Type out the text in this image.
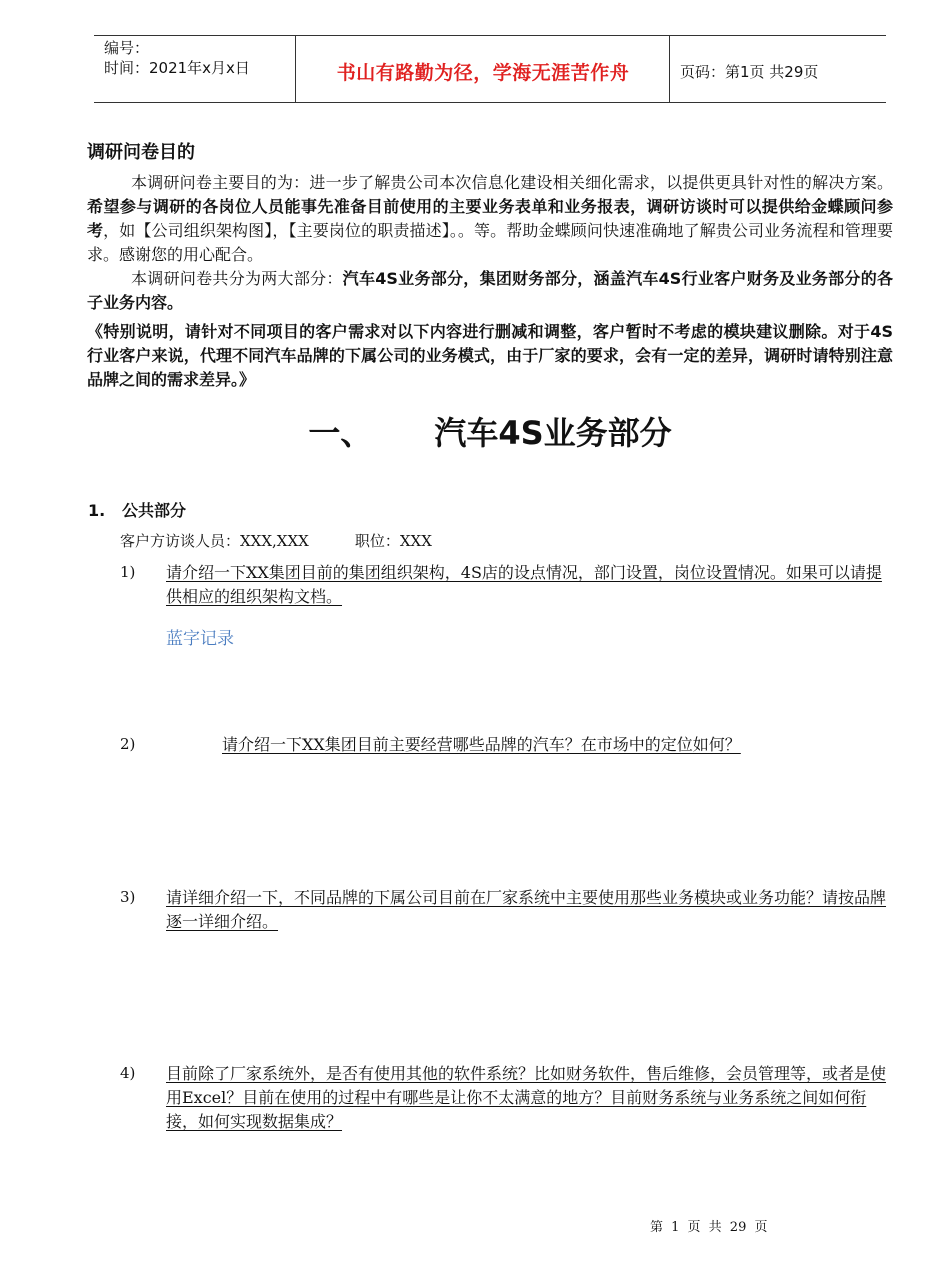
编号：
时间：2021年x月x日	书山有路勤为径，学海无涯苦作舟	页码：第1页 共29页
调研问卷目的
本调研问卷主要目的为：进一步了解贵公司本次信息化建设相关细化需求，以提供更具针对性的解决方案。希望参与调研的各岗位人员能事先准备目前使用的主要业务表单和业务报表，调研访谈时可以提供给金蝶顾问参考，如【公司组织架构图】，【主要岗位的职责描述】。。等。帮助金蝶顾问快速准确地了解贵公司业务流程和管理要求。感谢您的用心配合。
本调研问卷共分为两大部分：汽车4S业务部分，集团财务部分，涵盖汽车4S行业客户财务及业务部分的各子业务内容。
《特别说明，请针对不同项目的客户需求对以下内容进行删减和调整，客户暂时不考虑的模块建议删除。对于4S行业客户来说，代理不同汽车品牌的下属公司的业务模式，由于厂家的要求，会有一定的差异，调研时请特别注意品牌之间的需求差异。》
一、 汽车4S业务部分
1. 公共部分
客户方访谈人员：XXX,XXX	职位：XXX
1) 请介绍一下XX集团目前的集团组织架构，4S店的设点情况，部门设置，岗位设置情况。如果可以请提供相应的组织架构文档。
蓝字记录
2)	请介绍一下XX集团目前主要经营哪些品牌的汽车？在市场中的定位如何？
3) 请详细介绍一下，不同品牌的下属公司目前在厂家系统中主要使用那些业务模块或业务功能？请按品牌逐一详细介绍。
4) 目前除了厂家系统外，是否有使用其他的软件系统？比如财务软件，售后维修，会员管理等，或者是使用Excel？目前在使用的过程中有哪些是让你不太满意的地方？目前财务系统与业务系统之间如何衔接，如何实现数据集成？
第 1 页 共 29 页
